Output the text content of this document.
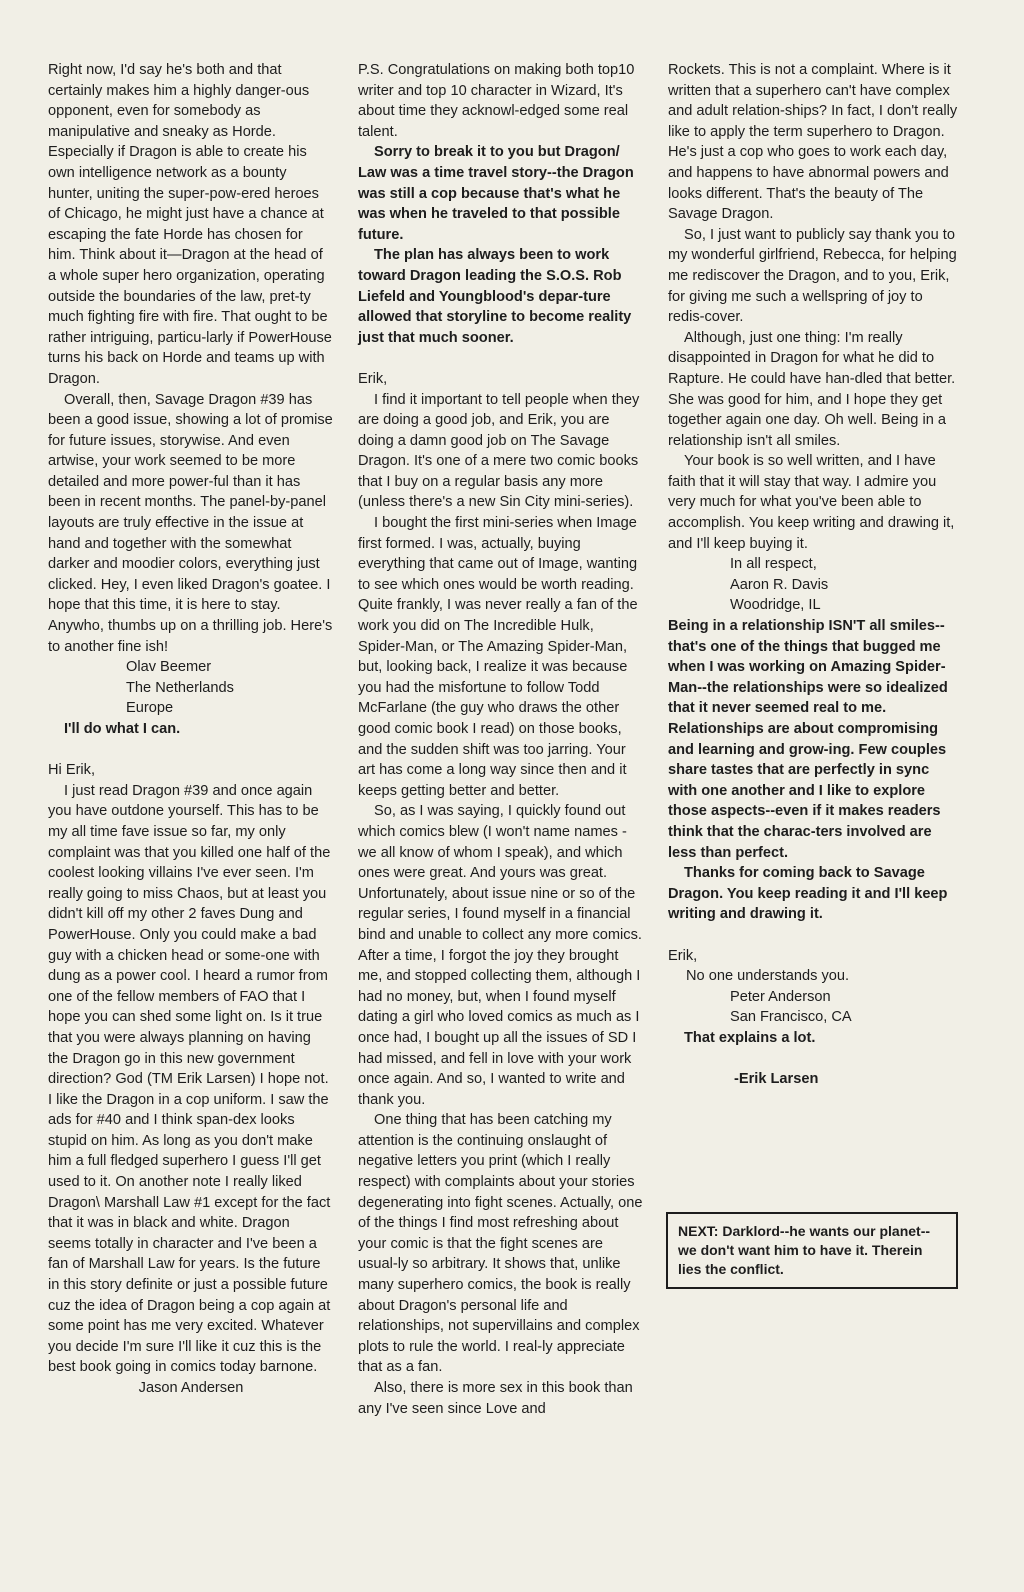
Right now, I'd say he's both and that certainly makes him a highly danger-ous opponent, even for somebody as manipulative and sneaky as Horde. Especially if Dragon is able to create his own intelligence network as a bounty hunter, uniting the super-pow-ered heroes of Chicago, he might just have a chance at escaping the fate Horde has chosen for him. Think about it—Dragon at the head of a whole super hero organization, operating outside the boundaries of the law, pret-ty much fighting fire with fire. That ought to be rather intriguing, particu-larly if PowerHouse turns his back on Horde and teams up with Dragon.

Overall, then, Savage Dragon #39 has been a good issue, showing a lot of promise for future issues, storywise. And even artwise, your work seemed to be more detailed and more power-ful than it has been in recent months. The panel-by-panel layouts are truly effective in the issue at hand and together with the somewhat darker and moodier colors, everything just clicked. Hey, I even liked Dragon's goatee. I hope that this time, it is here to stay. Anywho, thumbs up on a thrilling job. Here's to another fine ish!

Olav Beemer

The Netherlands

Europe

I'll do what I can.

Hi Erik,

I just read Dragon #39 and once again you have outdone yourself. This has to be my all time fave issue so far, my only complaint was that you killed one half of the coolest looking villains I've ever seen. I'm really going to miss Chaos, but at least you didn't kill off my other 2 faves Dung and PowerHouse. Only you could make a bad guy with a chicken head or some-one with dung as a power cool. I heard a rumor from one of the fellow members of FAO that I hope you can shed some light on. Is it true that you were always planning on having the Dragon go in this new government direction? God (TM Erik Larsen) I hope not. I like the Dragon in a cop uniform. I saw the ads for #40 and I think span-dex looks stupid on him. As long as you don't make him a full fledged superhero I guess I'll get used to it. On another note I really liked Dragon\ Marshall Law #1 except for the fact that it was in black and white. Dragon seems totally in character and I've been a fan of Marshall Law for years. Is the future in this story definite or just a possible future cuz the idea of Dragon being a cop again at some point has me very excited. Whatever you decide I'm sure I'll like it cuz this is the best book going in comics today barnone.

Jason Andersen

P.S. Congratulations on making both top10 writer and top 10 character in Wizard, It's about time they acknowl-edged some real talent.

Sorry to break it to you but Dragon/ Law was a time travel story--the Dragon was still a cop because that's what he was when he traveled to that possible future.

The plan has always been to work toward Dragon leading the S.O.S. Rob Liefeld and Youngblood's depar-ture allowed that storyline to become reality just that much sooner.

Erik,

I find it important to tell people when they are doing a good job, and Erik, you are doing a damn good job on The Savage Dragon. It's one of a mere two comic books that I buy on a regular basis any more (unless there's a new Sin City mini-series).

I bought the first mini-series when Image first formed. I was, actually, buying everything that came out of Image, wanting to see which ones would be worth reading. Quite frankly, I was never really a fan of the work you did on The Incredible Hulk, Spider-Man, or The Amazing Spider-Man, but, looking back, I realize it was because you had the misfortune to follow Todd McFarlane (the guy who draws the other good comic book I read) on those books, and the sudden shift was too jarring. Your art has come a long way since then and it keeps getting better and better.

So, as I was saying, I quickly found out which comics blew (I won't name names - we all know of whom I speak), and which ones were great. And yours was great. Unfortunately, about issue nine or so of the regular series, I found myself in a financial bind and unable to collect any more comics. After a time, I forgot the joy they brought me, and stopped collecting them, although I had no money, but, when I found myself dating a girl who loved comics as much as I once had, I bought up all the issues of SD I had missed, and fell in love with your work once again. And so, I wanted to write and thank you.

One thing that has been catching my attention is the continuing onslaught of negative letters you print (which I really respect) with complaints about your stories degenerating into fight scenes. Actually, one of the things I find most refreshing about your comic is that the fight scenes are usual-ly so arbitrary. It shows that, unlike many superhero comics, the book is really about Dragon's personal life and relationships, not supervillains and complex plots to rule the world. I real-ly appreciate that as a fan.

Also, there is more sex in this book than any I've seen since Love and

Rockets. This is not a complaint. Where is it written that a superhero can't have complex and adult relation-ships? In fact, I don't really like to apply the term superhero to Dragon. He's just a cop who goes to work each day, and happens to have abnormal powers and looks different. That's the beauty of The Savage Dragon.

So, I just want to publicly say thank you to my wonderful girlfriend, Rebecca, for helping me rediscover the Dragon, and to you, Erik, for giving me such a wellspring of joy to redis-cover.

Although, just one thing: I'm really disappointed in Dragon for what he did to Rapture. He could have han-dled that better. She was good for him, and I hope they get together again one day. Oh well. Being in a relationship isn't all smiles.

Your book is so well written, and I have faith that it will stay that way. I admire you very much for what you've been able to accomplish. You keep writing and drawing it, and I'll keep buying it.

In all respect,

Aaron R. Davis

Woodridge, IL

Being in a relationship ISN'T all smiles--that's one of the things that bugged me when I was working on Amazing Spider-Man--the relationships were so idealized that it never seemed real to me. Relationships are about compromising and learning and grow-ing. Few couples share tastes that are perfectly in sync with one another and I like to explore those aspects--even if it makes readers think that the charac-ters involved are less than perfect.

Thanks for coming back to Savage Dragon. You keep reading it and I'll keep writing and drawing it.

Erik,

No one understands you.

Peter Anderson

San Francisco, CA

That explains a lot.

-Erik Larsen

NEXT: Darklord--he wants our planet--we don't want him to have it. Therein lies the conflict.
